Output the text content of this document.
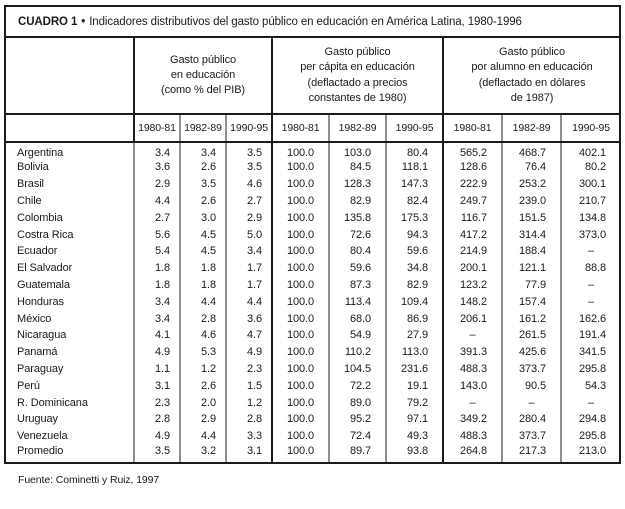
CUADRO 1 • Indicadores distributivos del gasto público en educación en América Latina, 1980-1996

Gasto público
en educación
(como % del PIB)

Gasto público
per cápita en educación
(deflactado a precios
constantes de 1980)

Gasto público
por alumno en educación
(deflactado en dólares
de 1987)

	1980-81	1982-89	1990-95	1980-81	1982-89	1990-95	1980-81	1982-89	1990-95
Argentina	3.4	3.4	3.5	100.0	103.0	80.4	565.2	468.7	402.1
Bolivia	3.6	2.6	3.5	100.0	84.5	118.1	128.6	76.4	80.2
Brasil	2.9	3.5	4.6	100.0	128.3	147.3	222.9	253.2	300.1
Chile	4.4	2.6	2.7	100.0	82.9	82.4	249.7	239.0	210.7
Colombia	2.7	3.0	2.9	100.0	135.8	175.3	116.7	151.5	134.8
Costra Rica	5.6	4.5	5.0	100.0	72.6	94.3	417.2	314.4	373.0
Ecuador	5.4	4.5	3.4	100.0	80.4	59.6	214.9	188.4	–
El Salvador	1.8	1.8	1.7	100.0	59.6	34.8	200.1	121.1	88.8
Guatemala	1.8	1.8	1.7	100.0	87.3	82.9	123.2	77.9	–
Honduras	3.4	4.4	4.4	100.0	113.4	109.4	148.2	157.4	–
México	3.4	2.8	3.6	100.0	68.0	86.9	206.1	161.2	162.6
Nicaragua	4.1	4.6	4.7	100.0	54.9	27.9	–	261.5	191.4
Panamá	4.9	5.3	4.9	100.0	110.2	113.0	391.3	425.6	341.5
Paraguay	1.1	1.2	2.3	100.0	104.5	231.6	488.3	373.7	295.8
Perú	3.1	2.6	1.5	100.0	72.2	19.1	143.0	90.5	54.3
R. Dominicana	2.3	2.0	1.2	100.0	89.0	79.2	–	–	–
Uruguay	2.8	2.9	2.8	100.0	95.2	97.1	349.2	280.4	294.8
Venezuela	4.9	4.4	3.3	100.0	72.4	49.3	488.3	373.7	295.8
Promedio	3.5	3.2	3.1	100.0	89.7	93.8	264.8	217.3	213.0
Fuente: Cominetti y Ruiz, 1997
